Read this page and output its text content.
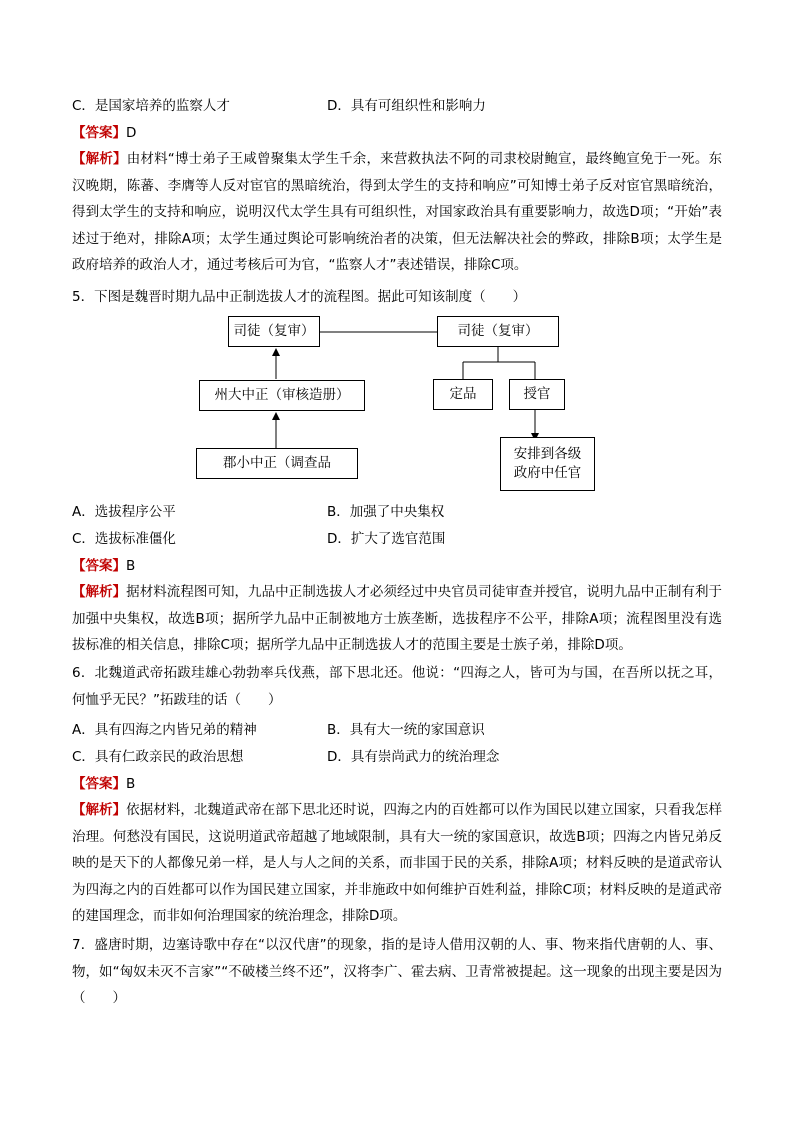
C．是国家培养的监察人才	D．具有可组织性和影响力
【答案】D
【解析】由材料“博士弟子王咸曾聚集太学生千余，来营救执法不阿的司隶校尉鲍宣，最终鲍宣免于一死。东汉晚期，陈蕃、李膺等人反对宦官的黑暗统治，得到太学生的支持和响应”可知博士弟子反对宦官黑暗统治，得到太学生的支持和响应，说明汉代太学生具有可组织性，对国家政治具有重要影响力，故选D项；“开始”表述过于绝对，排除A项；太学生通过舆论可影响统治者的决策，但无法解决社会的弊政，排除B项；太学生是政府培养的政治人才，通过考核后可为官，“监察人才”表述错误，排除C项。
5．下图是魏晋时期九品中正制选拔人才的流程图。据此可知该制度（　　）
司徒（复审）	司徒（复审）
州大中正（审核造册）	定品	授官
郡小中正（调查品
安排到各级政府中任官
A．选拔程序公平	B．加强了中央集权
C．选拔标准僵化	D．扩大了选官范围
【答案】B
【解析】据材料流程图可知，九品中正制选拔人才必须经过中央官员司徒审查并授官，说明九品中正制有利于加强中央集权，故选B项；据所学九品中正制被地方士族垄断，选拔程序不公平，排除A项；流程图里没有选拔标准的相关信息，排除C项；据所学九品中正制选拔人才的范围主要是士族子弟，排除D项。
6．北魏道武帝拓跋珪雄心勃勃率兵伐燕，部下思北还。他说：“四海之人，皆可为与国，在吾所以抚之耳，何恤乎无民？”拓跋珪的话（　　）
A．具有四海之内皆兄弟的精神	B．具有大一统的家国意识
C．具有仁政亲民的政治思想	D．具有崇尚武力的统治理念
【答案】B
【解析】依据材料，北魏道武帝在部下思北还时说，四海之内的百姓都可以作为国民以建立国家，只看我怎样治理。何愁没有国民，这说明道武帝超越了地域限制，具有大一统的家国意识，故选B项；四海之内皆兄弟反映的是天下的人都像兄弟一样，是人与人之间的关系，而非国于民的关系，排除A项；材料反映的是道武帝认为四海之内的百姓都可以作为国民建立国家，并非施政中如何维护百姓利益，排除C项；材料反映的是道武帝的建国理念，而非如何治理国家的统治理念，排除D项。
7．盛唐时期，边塞诗歌中存在“以汉代唐”的现象，指的是诗人借用汉朝的人、事、物来指代唐朝的人、事、物，如“匈奴未灭不言家”“不破楼兰终不还”，汉将李广、霍去病、卫青常被提起。这一现象的出现主要是因为（　　）
